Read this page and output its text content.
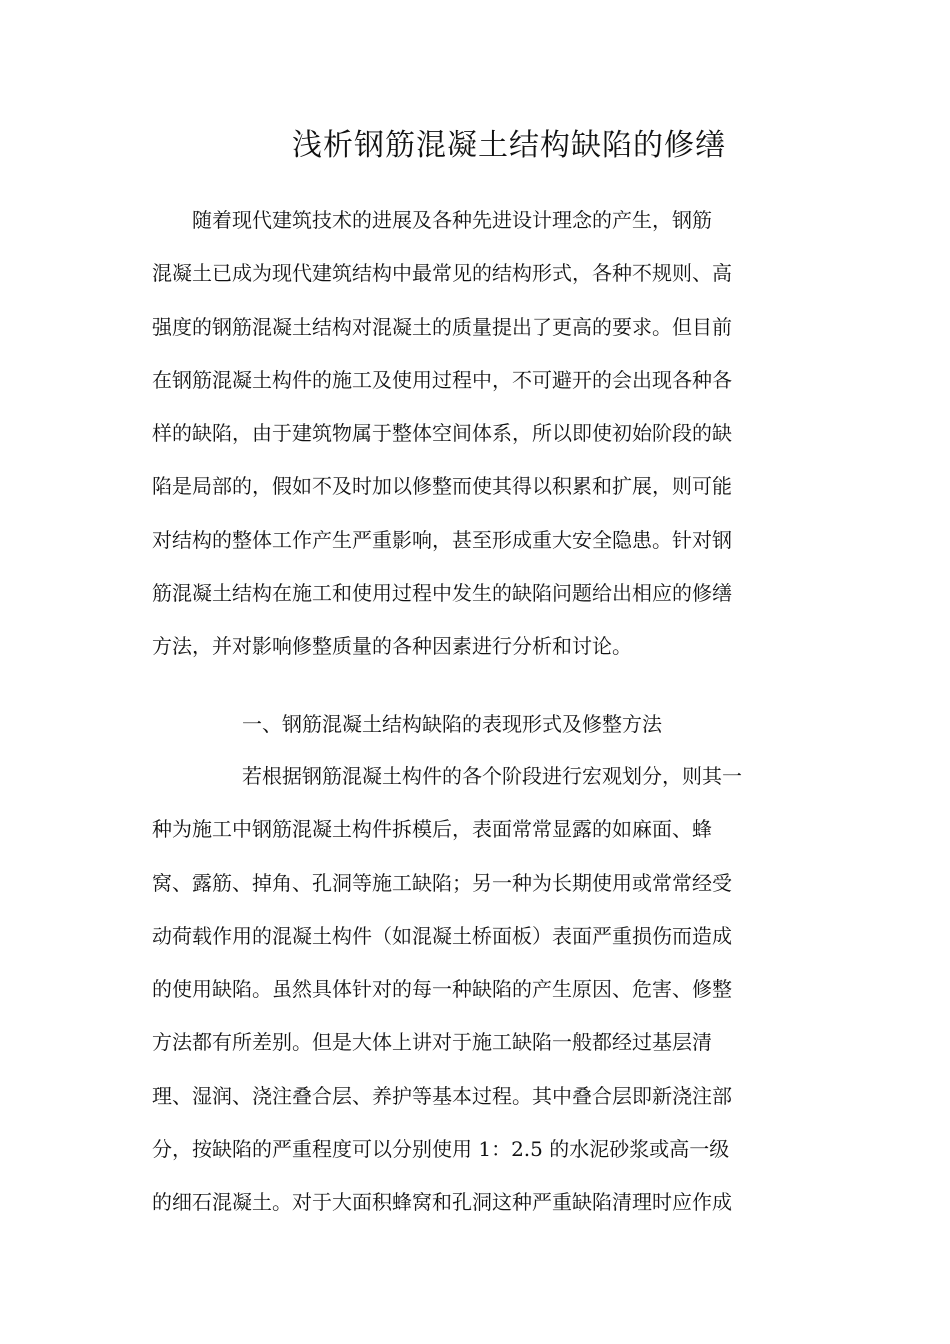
浅析钢筋混凝土结构缺陷的修缮

随着现代建筑技术的进展及各种先进设计理念的产生，钢筋
混凝土已成为现代建筑结构中最常见的结构形式，各种不规则、高
强度的钢筋混凝土结构对混凝土的质量提出了更高的要求。但目前
在钢筋混凝土构件的施工及使用过程中，不可避开的会出现各种各
样的缺陷，由于建筑物属于整体空间体系，所以即使初始阶段的缺
陷是局部的，假如不及时加以修整而使其得以积累和扩展，则可能
对结构的整体工作产生严重影响，甚至形成重大安全隐患。针对钢
筋混凝土结构在施工和使用过程中发生的缺陷问题给出相应的修缮
方法，并对影响修整质量的各种因素进行分析和讨论。

一、钢筋混凝土结构缺陷的表现形式及修整方法

若根据钢筋混凝土构件的各个阶段进行宏观划分，则其一
种为施工中钢筋混凝土构件拆模后，表面常常显露的如麻面、蜂
窝、露筋、掉角、孔洞等施工缺陷；另一种为长期使用或常常经受
动荷载作用的混凝土构件（如混凝土桥面板）表面严重损伤而造成
的使用缺陷。虽然具体针对的每一种缺陷的产生原因、危害、修整
方法都有所差别。但是大体上讲对于施工缺陷一般都经过基层清
理、湿润、浇注叠合层、养护等基本过程。其中叠合层即新浇注部
分，按缺陷的严重程度可以分别使用 1：2.5 的水泥砂浆或高一级
的细石混凝土。对于大面积蜂窝和孔洞这种严重缺陷清理时应作成
